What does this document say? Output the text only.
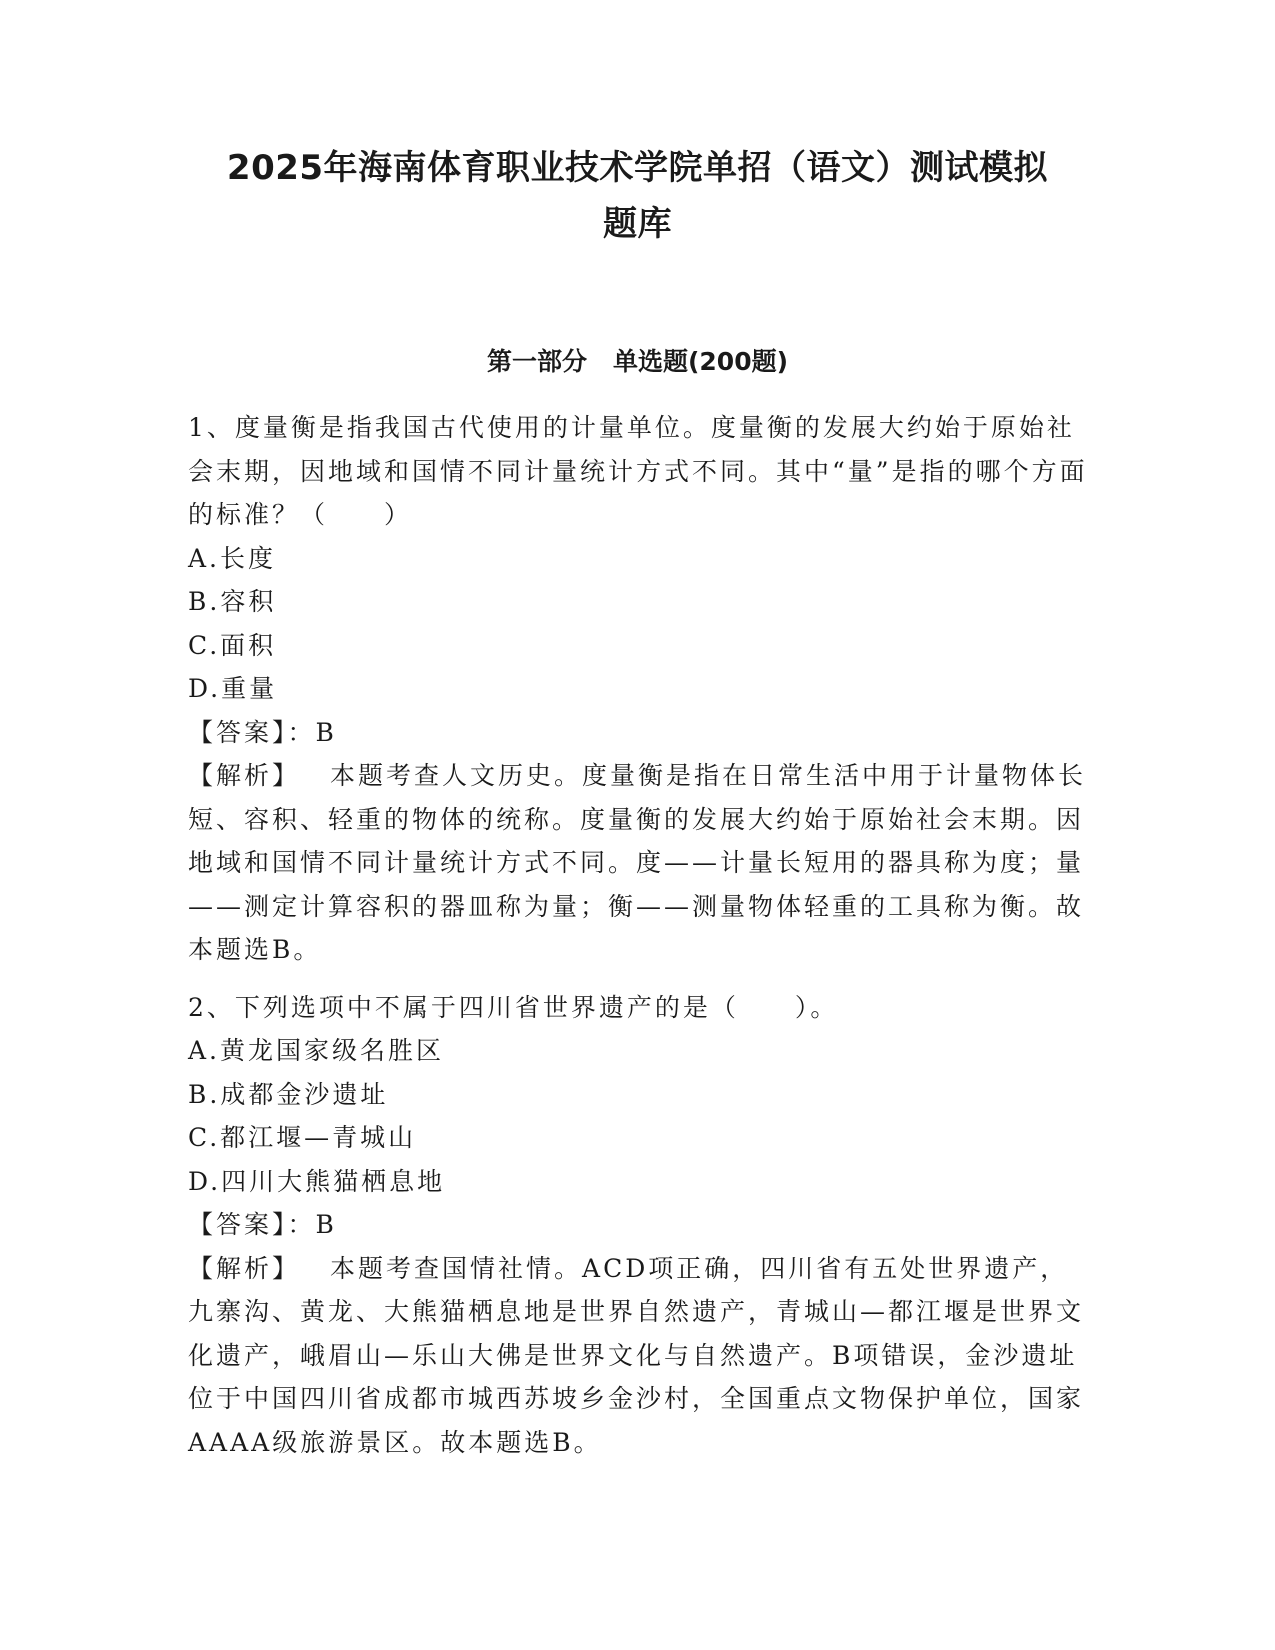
2025年海南体育职业技术学院单招（语文）测试模拟
题库
第一部分 单选题(200题)

1、度量衡是指我国古代使用的计量单位。度量衡的发展大约始于原始社会末期，因地域和国情不同计量统计方式不同。其中“量”是指的哪个方面的标准？（　　）

A.长度

B.容积

C.面积

D.重量

【答案】：B

【解析】 本题考查人文历史。度量衡是指在日常生活中用于计量物体长短、容积、轻重的物体的统称。度量衡的发展大约始于原始社会末期。因地域和国情不同计量统计方式不同。度——计量长短用的器具称为度；量——测定计算容积的器皿称为量；衡——测量物体轻重的工具称为衡。故本题选B。

2、下列选项中不属于四川省世界遗产的是（　　）。

A.黄龙国家级名胜区

B.成都金沙遗址

C.都江堰—青城山

D.四川大熊猫栖息地

【答案】：B

【解析】 本题考查国情社情。ACD项正确，四川省有五处世界遗产，九寨沟、黄龙、大熊猫栖息地是世界自然遗产，青城山—都江堰是世界文化遗产，峨眉山—乐山大佛是世界文化与自然遗产。B项错误，金沙遗址位于中国四川省成都市城西苏坡乡金沙村，全国重点文物保护单位，国家AAAA级旅游景区。故本题选B。
